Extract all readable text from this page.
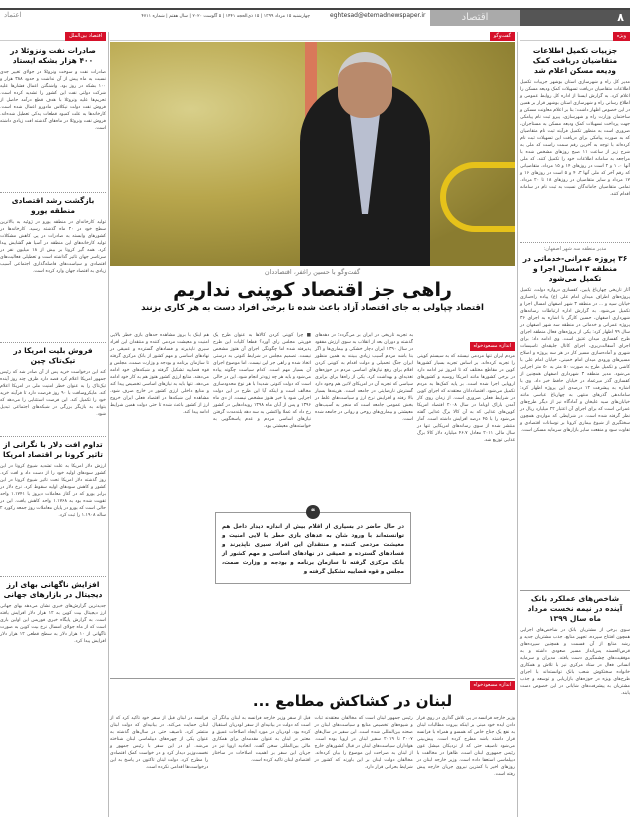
۸
اقتصاد
eghtesad@etemadnewspaper.ir
چهارشنبه ۱۵ مرداد ۱۳۹۹ | ۱۵ ذی‌الحجه ۱۴۴۱ | ۵ آگوست ۲۰۲۰ | سال هفتم | شماره ۴۷۱۱
اعتماد
ویژه
جزییات تکمیل اطلاعات متقاضیان دریافت کمک ودیعه مسکن اعلام شد
مدیر کل راه و شهرسازی استان بوشهر جزییات تکمیل اطلاعات متقاضیان دریافت تسهیلات کمک ودیعه مسکن را اعلام کرد. به گزارش ایسنا از اداره کل روابط عمومی و اطلاع رسانی راه و شهرسازی استان بوشهر قرار بر همین در این خصوص اظهار داشت: بنا بر اعلام معاونت مسکن و ساختمان وزارت راه و شهرسازی، پیرو ثبت نام پیامکی جهت پرداخت تسهیلات کمک ودیعه مسکن به مستاجران، ضروری است به منظور تکمیل فرآیند ثبت نام متقاضیان که به صورت پیامکی برای دریافت این تسهیلات ثبت نام کرده‌اند با توجه به آخرین رقم سمت راست کد ملی به شرح زیر از ساعت ۱۱ صبح روزهای مشخص شده با مراجعه به سامانه اطلاعات خود را تکمیل کنند. کد ملی آنها ۰، ۱ و ۲ است در روزهای ۱۴ و ۱۵ مرداد، متقاضیانی که رقم آخر کد ملی آنها ۳، ۴ و ۵ است در روزهای ۱۶ و ۱۷ مرداد و سایر متقاضیان در روزهای ۱۸ تا ۲۰ مرداد. تمامی متقاضیان جاماندگان نسبت به ثبت نام در سامانه اقدام کنند.
مدیر منطقه سه شهر اصفهان:
۳۶ پروژه عمرانی-خدماتی در منطقه ۳ امسال اجرا و تکمیل می‌شود
آثار تاریخی چهارباغ پایین، کفسازی دروازه دولت، تکمیل پروژه‌های اطراف میدان امام علی (ع) پیاده راه‌سازی خیابان سپه و ... در منطقه ۳ شهر اصفهان امسال اجرا و تکمیل می‌شود. به گزارش اداره ارتباطات رسانه‌های شهرداری اصفهان، حسین کارگر با اشاره به اجرای ۳۶ پروژه عمرانی و خدماتی در منطقه سه شهر اصفهان در سال ۹۹ اظهار کرد: یکی از پروژه‌های فعال منطقه اجرای طرح کفسازی میدان عتیق است. وی ادامه داد: برای اجرای آسفالت‌ریزی، اجرای کانال جلیقه‌ای تاسیسات شهری و آماده‌سازی مسیر کار در هر سه پروژه و اصلاح مسیرهای ورودی میدان امام خمینی، خیابان امام علی با کاشی و تکمیل طرح به صورت ۵۰ متر به ۵۰ متر اجرایی می‌شود. مدیر منطقه ۳ شهرداری اصفهان همچنین از کفسازی گذر میرعماد در خیابان حافظ خبر داد. وی با اشاره به پیشرفت ۱۲ درصدی این پروژه اظهار کرد: ساماندهی گذرهای منتهی به چهارباغ عباسی مانند خیابان‌های سید علیخان و آمادگاه نیز از دیگر طرح‌های عمرانی است که برای اجرای آن اعتبار ۲۲ میلیارد ریال در نظر گرفته شده است. در شرایطی که مواردی همچون سختگیری از شیوع بیماری کرونا بر نوسانات اقتصادی و تفاوت سود و منفعت سایر بازارهای سرمایه مسکن است.
شاخص‌های عملکرد بانک آینده در نیمه نخست مرداد ماه سال ۱۳۹۹
سوی برخی از مشتریان بانک در شاخص‌های اجرایی همچون افتتاح سپرده، تجهیز منابع، جذب مشتریان جدید و رشد منابع از آن قسمت و همچنین سپرده‌های قرض‌الحسنه پس‌انداز مسیر صعودی داشته و به موفقیت‌های چشمگیری دست یافته. مدیران و سرمایه انسانی فعال در ستاد مرکزی نیز با تلاش و همکاری خانواده سختکوش شعب بانک توانسته‌اند با اجرای طرح‌های ویژه در حوزه‌های بازاریابی و توسعه و جذب مشتریان به پیشرفت‌های شایانی در این خصوص دست یابند.
گفت‌وگو
گفت‌وگو با حسین راغفر، اقتصاددان
راهی جز اقتصاد کوپنی نداریم
اقتصاد چپاولی به جای اقتصاد آزاد باعث شده تا برخی افراد دست به هر کاری بزنند
اندازه مسعودخواه
مردم ایران تنها مردمی نیستند که به سیستم کوپنی را تجربه کرده‌اند. بر اساس تجربه بسیار کشورها کوپن در مقاطع مختلف که تا امروز نیز ادامه دارد در برخی کشورها مانند امریکا روسیه و کشورهای اروپایی اجرا شده است. بر پایه کمک‌ها به مردم تکمیل می‌شود. اقتصاددانان معتقدند که اجرای کوپن در شرایط فعلی ضروری است. از زمان روی کار آمدن باراک اوباما در سال ۲۰۰۸ اقتصاد امریکا کوپن‌های غذایی که به آن کالا برگ غذایی گفته می‌شود را با ۴۵ درصد افزایش داشته است. آمار منتشر شده از سوی رسانه‌های امریکایی تنها در سال مالی ۲۰۱۱ معادل ۴۶.۷ میلیارد دلار کالا برگ غذایی توزیع شد.
به تجربه تاریخی در ایران بر می‌گردد؛ در دهه‌های گذشته و دوران بعد از انقلاب به سوی ارزش مفقود در سال ۱۳۹۰ ایران دچار خشکی و بیماری‌ها و اگر بنا باشد مردم آسیب زیادی ببینند به همین منظور ایران جنگ تحمیلی و دولت اقدام به کوپنی کردن اقلام برای رفع نیازهای اساسی مردم در حوزه‌های تغذیه‌ای و بهداشت کرد. یکی از راه‌ها برای برابری سیاسی که تجربه آن در امریکای لاتین هم وجود دارد گسترش نارضایتی در جامعه است. هزینه‌ها بسیار بالا رفته و افزایش نرخ ارز و سیاست‌های غلط در بخش عمومی جامعه است که منجر به آسیب‌های معیشتی و بیماری‌های روحی و روانی در جامعه شده است.
■ چرا کوپنی کردن کالاها به عنوان طرح یک فوریتی مجلس رای آورد؟ قطعا کلیات این طرح پذیرفته شده اما چگونگی اجرای آن هنوز مشخص نیست. تصمیم مجلس در شرایط کنونی به درستی اتخاذ شده و راهی جز این نیست. اما موضوع اجرای آن بسیار مهم است. کدام سیاست چگونه پیاده می‌شود و باید هر چه زودتر انجام شود. این در حالی است که دولت کنونی شدیدا با هر نوع محدودسازی مخالف است و اینکه آیا این طرح در این دولت اجرایی شود یا خیر هنوز مشخص نیست. از دی ماه ۱۳۹۶ و پس از آبان ماه ۱۳۹۸ رویدادهایی در کشور رخ داد که عملا واکنشی به سه دهه بلندمدت گرفتن نیازهای اساسی مردم و عدم پاسخگویی به خواسته‌های معیشتی بود.
هم اینک با بروز مشاهده حدهای بازی خطر بالایی امنیت و معیشت مردمی کننده و منتقدان این افراد سیری ناپذیرند و فسادهای گسترده و عمیقی در نهادهای اساسی و مهم کشور از بانک مرکزی گرفته تا سازمان برنامه و بودجه و وزارت صمت، مجلس و قوه قضاییه تشکیل گرفته و شبکه‌های خود ادامه می‌دهند. منابع ارزی کشور هنوز هم به کار خود ادامه می‌دهد. تنها باید به نیازهای اساسی تخصیص پیدا کند و منابع داخلی ارزی کشور در خارج صرف شود. مشاهده این شبکه‌ها در اقتصاد فعلی ایران خروج ارز از کشور باعث شده تا حتی دولت همین شرایط ادامه پیدا کند.
در حال حاضر در بسیاری از اقلام بیش از اندازه دیدار داخل هم توانسته‌اند با ورود شان به عدهای بازی خطر با لایی امنیت و معیشت مردمی کننده و منتقدان این افراد سیری ناپذیرند و فسادهای گسترده و عمیقی در نهادهای اساسی و مهم کشور از بانک مرکزی گرفته تا سازمان برنامه و بودجه و وزارت صمت، مجلس و قوه قضاییه تشکیل گرفته و
❝
اندازه مسعودخواه
لبنان در کشاکش مطامع ...
وزیر خارجه فرانسه در پی تلاش گذاری در روی قرار دادن ایده خود مبنی بر اینکه بیروت مطالبات لبنان به نفع یک جناح خاص که همسو و همراه با فرانسه قرار داشته باشد مطرح کرده است. پیش‌بینی می‌شود ناصیف حتی که از نزدیکان میشل عون رئیس جمهوری لبنان است، ظاهرا در مخالفت با دیپلماسی استعفا داده است. وزیر خارجه لبنان در روزهای اخیر با کمترین نیروی جریان خارجه پیش رفته است.
رئیس جمهور لبنان است که مخالفان معتقدند ثبات و شیوه‌های تخصیص منابع و سیاست‌های لبنان در صحنه بین‌المللی شده است. این سفیر در سال‌های ۲۰۰۷ تا ۲۰۱۹ سفیر لبنان در اروپا بوده است. هواداران سیاست‌های لبنان در قبال کشورهای خارج از لبنان به صراحت این موضوع را بیان کرده‌اند. مخالفان دولت لبنان بر این باورند که کشور در شرایط بحرانی قرار دارد.
قبل از سفر وزیر خارجه فرانسه به لبنان بیانگر آن است که دولت در بیانیه‌ای از سفر لودریان استقبال کرده بود. لودریان در مورد ایجاد اصلاحات عمیق و معتبر در لبنان به عنوان مقدمه‌ای برای همکاری مالی بین‌المللی سخن گفت. اتحادیه اروپا نیز در جریان این سفر بر اهمیت اصلاحات در ساختار اقتصادی لبنان تاکید کرده است.
فرانسه در لبنان قبل از سفر خود تاکید کرد که از لبنان حمایت می‌کند. در بیانیه‌ای که دولت لبنان منتشر کرد، ناصیف حتی در سال‌های گذشته به عنوان یکی از چهره‌های دیپلماسی لبنان شناخته می‌شد. او در این سفر با رئیس جمهور و نخست‌وزیر دیدار کرد و در خواست کمک اقتصادی را مطرح کرد. دولت لبنان تاکنون در پاسخ به این درخواست‌ها اقدامی نکرده است.
اقتصاد بین‌الملل
صادرات نفت ونزوئلا در ۴۰۰ هزار بشکه ایستاد
صادرات نفت و سوخت ونزوئلا در جولای تغییر جدی نسبت به ماه پیش از آن نداشت و حدود ۳۸۸ هزار و ۱۰۰ بشکه در روز بود. واشنگتن اعمال فشارها علیه شرکت دولتی نفت این کشور را تشدید کرده است. تحریم‌ها علیه ونزوئلا با هدف قطع درآمد حاصل از فروش نفت دولت نیکلاس مادورو اعمال شده است. کارخانه‌ها به علت کمبود قطعات یدکی تعطیل شده‌اند. فروش نفت ونزوئلا در ماه‌های گذشته افت زیادی داشته است.
بازگشت رشد اقتصادی منطقه یورو
تولید کارخانه‌ای در منطقه یورو در ژوئیه به بالاترین سطح خود در ۲۰ ماه گذشته رسید. کارخانه‌ها در کشورهای وابسته به صادرات در پی کاهش مشکلات تولید کارخانه‌های این منطقه در آسیا هم گشایش پیدا کرد. همه گیر کرونا بر بیش از ۱۸ میلیون نفر در سرتاسر جهان تاثیر گذاشته است و تعطیلی فعالیت‌های اقتصادی و سیاست‌های فاصله‌گذاری اجتماعی آسیب زیادی به اقتصاد جهان وارد کرده است.
فروش بلیت امریکا در تیک‌تاک چین
کند این درخواست خرید پس از آن صادر شد که رئیس جمهور امریکا اعلام کرد قصد دارد ظرف چند روز آینده تیک‌تاک را به عنوان خطر امنیت ملی در امریکا اعلام کند. مایکروسافت با ۹۰ روز فرصت دارد تا فرآیند خرید خود را تکمیل کند. این فرصت استثنایی را می‌دهد که بتواند به بازیگر بزرگی در شبکه‌های اجتماعی تبدیل شود.
تداوم افت دلار با نگرانی از تاثیر کرونا بر اقتصاد امریکا
ارزش دلار امریکا به علت تشدید شیوع کرونا در این کشور سودهای اولیه خود را از دست داد و افت کرد. روز گذشته دلار امریکا تحت تاثیر شیوع کرونا در این کشور و کاهش سودهای اولیه سقوط کرد. نرخ دلار در برابر یورو که در آغاز معاملات دیروز با ۱.۱۷۴۱ واحد تقویت شده بود به ۱.۱۷۶۸ واحد کاهش یافت. این در حالی است که یورو در پایان معاملات روز جمعه رکورد ۲ ساله ۱.۱۹۰۸ را ثبت کرد.
افزایش ناگهانی بهای ارز دیجیتال در بازارهای جهانی
جدیدترین گزارش‌های خبری نشان می‌دهد بهای جهانی ارز دیجیتال بیت کوین به ۱۲ هزار دلار افزایش یافته است. به گزارش پایگاه خبری فوربس این اولین باری است که از ماه جولای امسال نرخ بیت کوین به صورت ناگهانی از ۱۰ هزار دلار به سطح قطعی ۱۲ هزار دلار افزایش پیدا کرد.
